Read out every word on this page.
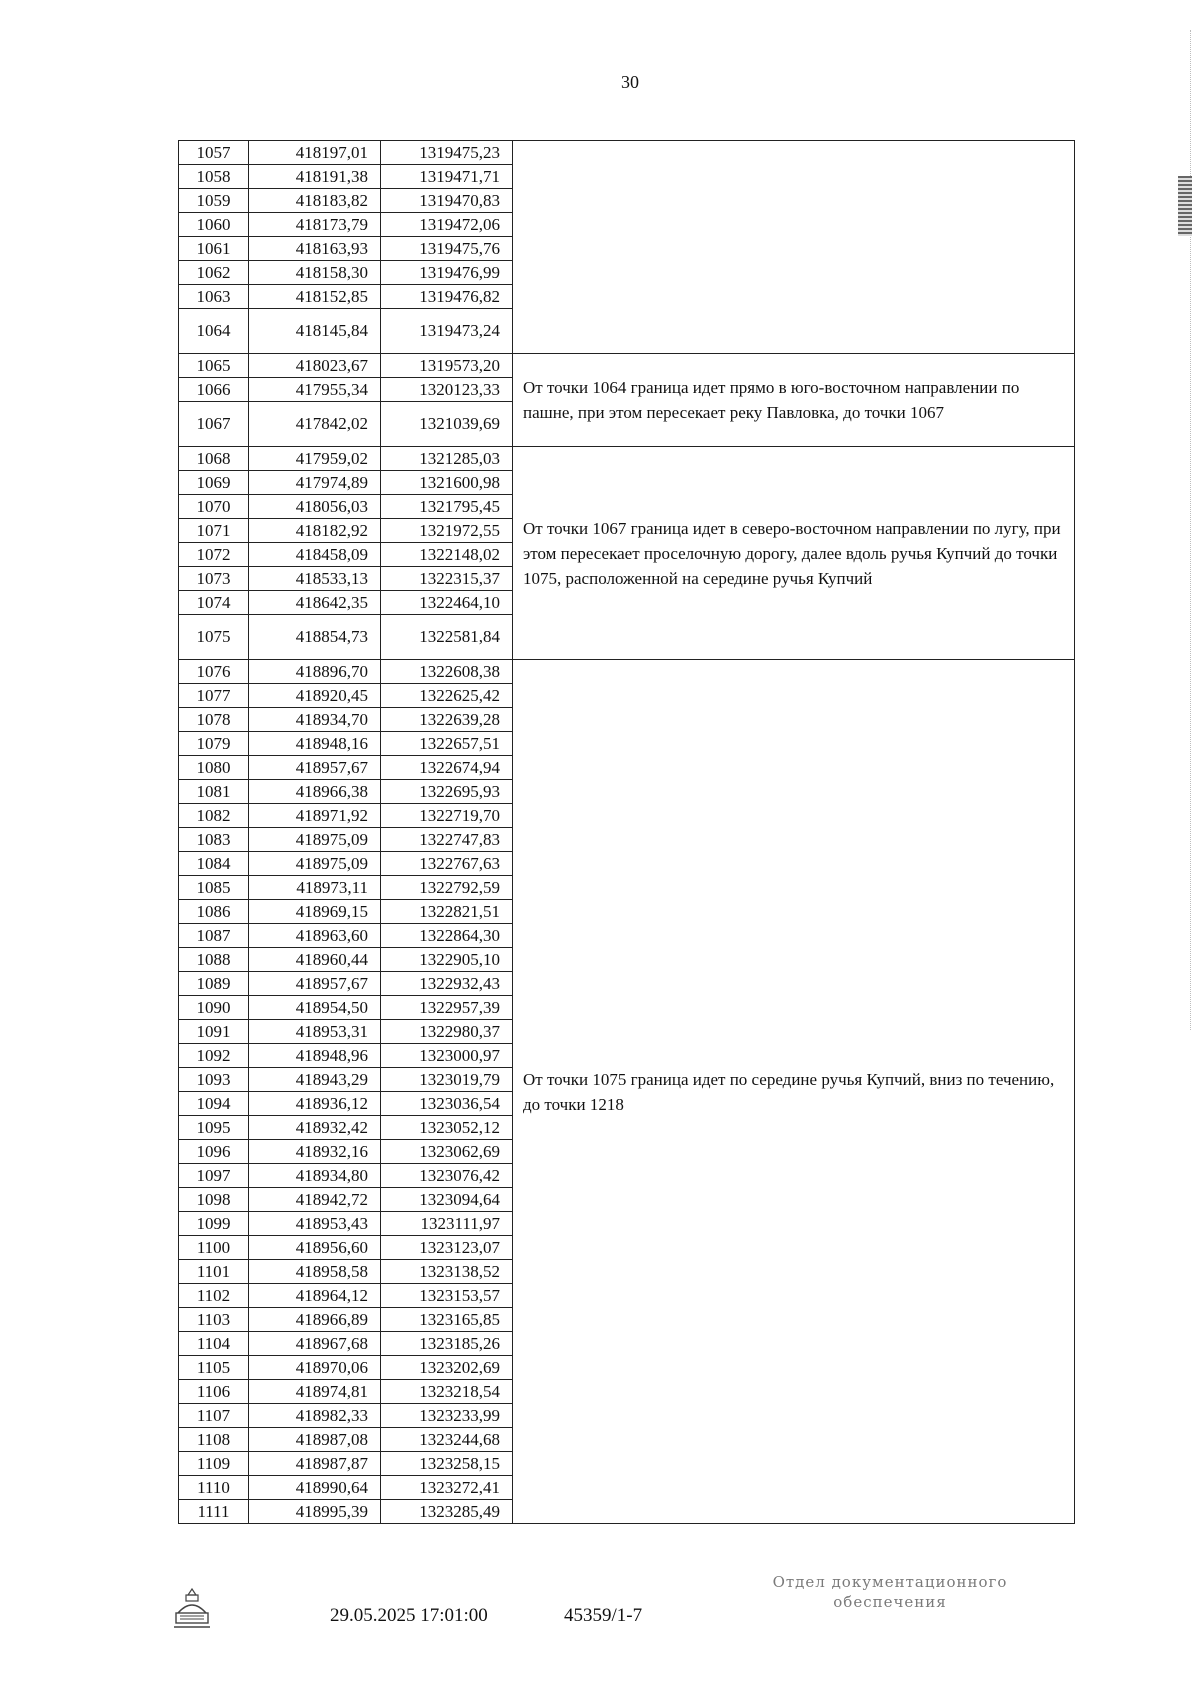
30
1057	418197,01	1319475,23	
1058	418191,38	1319471,71	
1059	418183,82	1319470,83	
1060	418173,79	1319472,06	
1061	418163,93	1319475,76	
1062	418158,30	1319476,99	
1063	418152,85	1319476,82	
1064	418145,84	1319473,24	
1065	418023,67	1319573,20	От точки 1064 граница идет прямо в юго-восточном направлении по пашне, при этом пересекает реку Павловка, до точки 1067
1066	417955,34	1320123,33	
1067	417842,02	1321039,69	
1068	417959,02	1321285,03	От точки 1067 граница идет в северо-восточном направлении по лугу, при этом пересекает проселочную дорогу, далее вдоль ручья Купчий до точки 1075, расположенной на середине ручья Купчий
1069	417974,89	1321600,98	
1070	418056,03	1321795,45	
1071	418182,92	1321972,55	
1072	418458,09	1322148,02	
1073	418533,13	1322315,37	
1074	418642,35	1322464,10	
1075	418854,73	1322581,84	
1076	418896,70	1322608,38	От точки 1075 граница идет по середине ручья Купчий, вниз по течению, до точки 1218
1077	418920,45	1322625,42	
1078	418934,70	1322639,28	
1079	418948,16	1322657,51	
1080	418957,67	1322674,94	
1081	418966,38	1322695,93	
1082	418971,92	1322719,70	
1083	418975,09	1322747,83	
1084	418975,09	1322767,63	
1085	418973,11	1322792,59	
1086	418969,15	1322821,51	
1087	418963,60	1322864,30	
1088	418960,44	1322905,10	
1089	418957,67	1322932,43	
1090	418954,50	1322957,39	
1091	418953,31	1322980,37	
1092	418948,96	1323000,97	
1093	418943,29	1323019,79	
1094	418936,12	1323036,54	
1095	418932,42	1323052,12	
1096	418932,16	1323062,69	
1097	418934,80	1323076,42	
1098	418942,72	1323094,64	
1099	418953,43	1323111,97	
1100	418956,60	1323123,07	
1101	418958,58	1323138,52	
1102	418964,12	1323153,57	
1103	418966,89	1323165,85	
1104	418967,68	1323185,26	
1105	418970,06	1323202,69	
1106	418974,81	1323218,54	
1107	418982,33	1323233,99	
1108	418987,08	1323244,68	
1109	418987,87	1323258,15	
1110	418990,64	1323272,41	
1111	418995,39	1323285,49	
29.05.2025 17:01:00	45359/1-7
Отдел документационного
обеспечения
